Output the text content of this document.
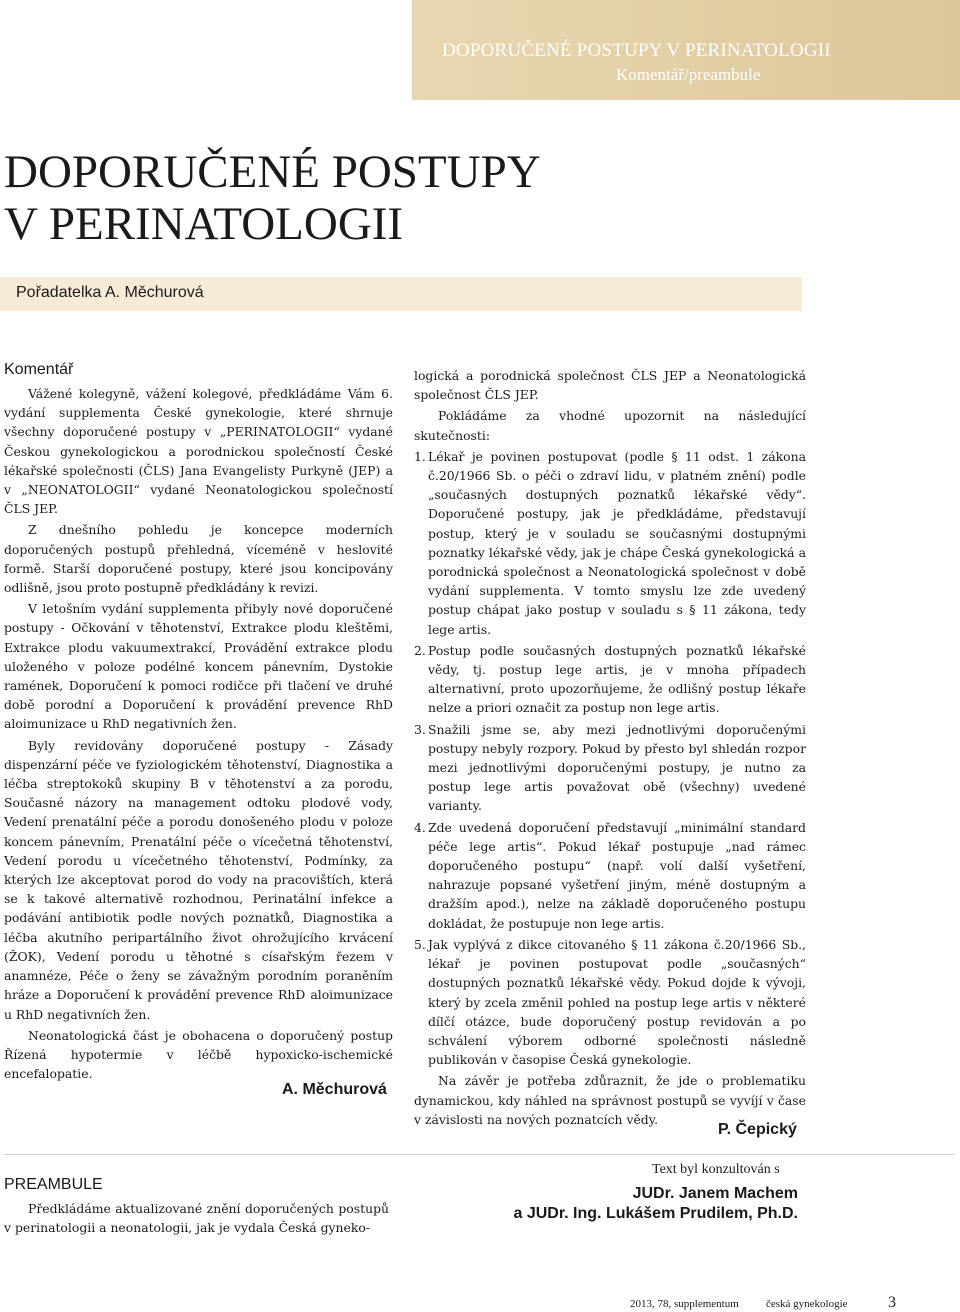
DOPORUČENÉ POSTUPY V PERINATOLOGII
Komentář/preambule
DOPORUČENÉ POSTUPY
V PERINATOLOGII
Pořadatelka A. Měchurová
Komentář

Vážené kolegyně, vážení kolegové, předkládáme Vám 6. vydání supplementa České gynekologie, které shrnuje všechny doporučené postupy v „PERINATOLOGII“ vydané Českou gynekologickou a porodnickou společností České lékařské společnosti (ČLS) Jana Evangelisty Purkyně (JEP) a v „NEONATOLOGII“ vydané Neonatologickou společností ČLS JEP.

Z dnešního pohledu je koncepce moderních doporučených postupů přehledná, víceméně v heslovité formě. Starší doporučené postupy, které jsou koncipovány odlišně, jsou proto postupně předkládány k revizi.

V letošním vydání supplementa přibyly nové doporučené postupy - Očkování v těhotenství, Extrakce plodu kleštěmi, Extrakce plodu vakuumextrakcí, Provádění extrakce plodu uloženého v poloze podélné koncem pánevním, Dystokie ramének, Doporučení k pomoci rodičce při tlačení ve druhé době porodní a Doporučení k provádění prevence RhD aloimunizace u RhD negativních žen.

Byly revidovány doporučené postupy - Zásady dispenzární péče ve fyziologickém těhotenství, Diagnostika a léčba streptokoků skupiny B v těhotenství a za porodu, Současné názory na management odtoku plodové vody, Vedení prenatální péče a porodu donošeného plodu v poloze koncem pánevním, Prenatální péče o vícečetná těhotenství, Vedení porodu u vícečetného těhotenství, Podmínky, za kterých lze akceptovat porod do vody na pracovištích, která se k takové alternativě rozhodnou, Perinatální infekce a podávání antibiotik podle nových poznatků, Diagnostika a léčba akutního peripartálního život ohrožujícího krvácení (ŽOK), Vedení porodu u těhotné s císařským řezem v anamnéze, Péče o ženy se závažným porodním poraněním hráze a Doporučení k provádění prevence RhD aloimunizace u RhD negativních žen.

Neonatologická část je obohacena o doporučený postup Řízená hypotermie v léčbě hypoxicko-ischemické encefalopatie.

A. Měchurová

logická a porodnická společnost ČLS JEP a Neonatologická společnost ČLS JEP.

Pokládáme za vhodné upozornit na následující skutečnosti:

1. Lékař je povinen postupovat (podle § 11 odst. 1 zákona č.20/1966 Sb. o péči o zdraví lidu, v platném znění) podle „současných dostupných poznatků lékařské vědy“. Doporučené postupy, jak je předkládáme, představují postup, který je v souladu se současnými dostupnými poznatky lékařské vědy, jak je chápe Česká gynekologická a porodnická společnost a Neonatologická společnost v době vydání supplementa. V tomto smyslu lze zde uvedený postup chápat jako postup v souladu s § 11 zákona, tedy lege artis.
2. Postup podle současných dostupných poznatků lékařské vědy, tj. postup lege artis, je v mnoha případech alternativní, proto upozorňujeme, že odlišný postup lékaře nelze a priori označit za postup non lege artis.
3. Snažili jsme se, aby mezi jednotlivými doporučenými postupy nebyly rozpory. Pokud by přesto byl shledán rozpor mezi jednotlivými doporučenými postupy, je nutno za postup lege artis považovat obě (všechny) uvedené varianty.
4. Zde uvedená doporučení představují „minimální standard péče lege artis“. Pokud lékař postupuje „nad rámec doporučeného postupu“ (např. volí další vyšetření, nahrazuje popsané vyšetření jiným, méně dostupným a dražším apod.), nelze na základě doporučeného postupu dokládat, že postupuje non lege artis.
5. Jak vyplývá z dikce citovaného § 11 zákona č.20/1966 Sb., lékař je povinen postupovat podle „současných“ dostupných poznatků lékařské vědy. Pokud dojde k vývoji, který by zcela změnil pohled na postup lege artis v některé dílčí otázce, bude doporučený postup revidován a po schválení výborem odborné společnosti následně publikován v časopise Česká gynekologie.

Na závěr je potřeba zdůraznit, že jde o problematiku dynamickou, kdy náhled na správnost postupů se vyvíjí v čase v závislosti na nových poznatcích vědy.

P. Čepický
PREAMBULE

Předkládáme aktualizované znění doporučených postupů v perinatologii a neonatologii, jak je vydala Česká gyneko-

Text byl konzultován s
JUDr. Janem Machem
a JUDr. Ing. Lukášem Prudilem, Ph.D.
2013, 78, supplementum česká gynekologie	3
